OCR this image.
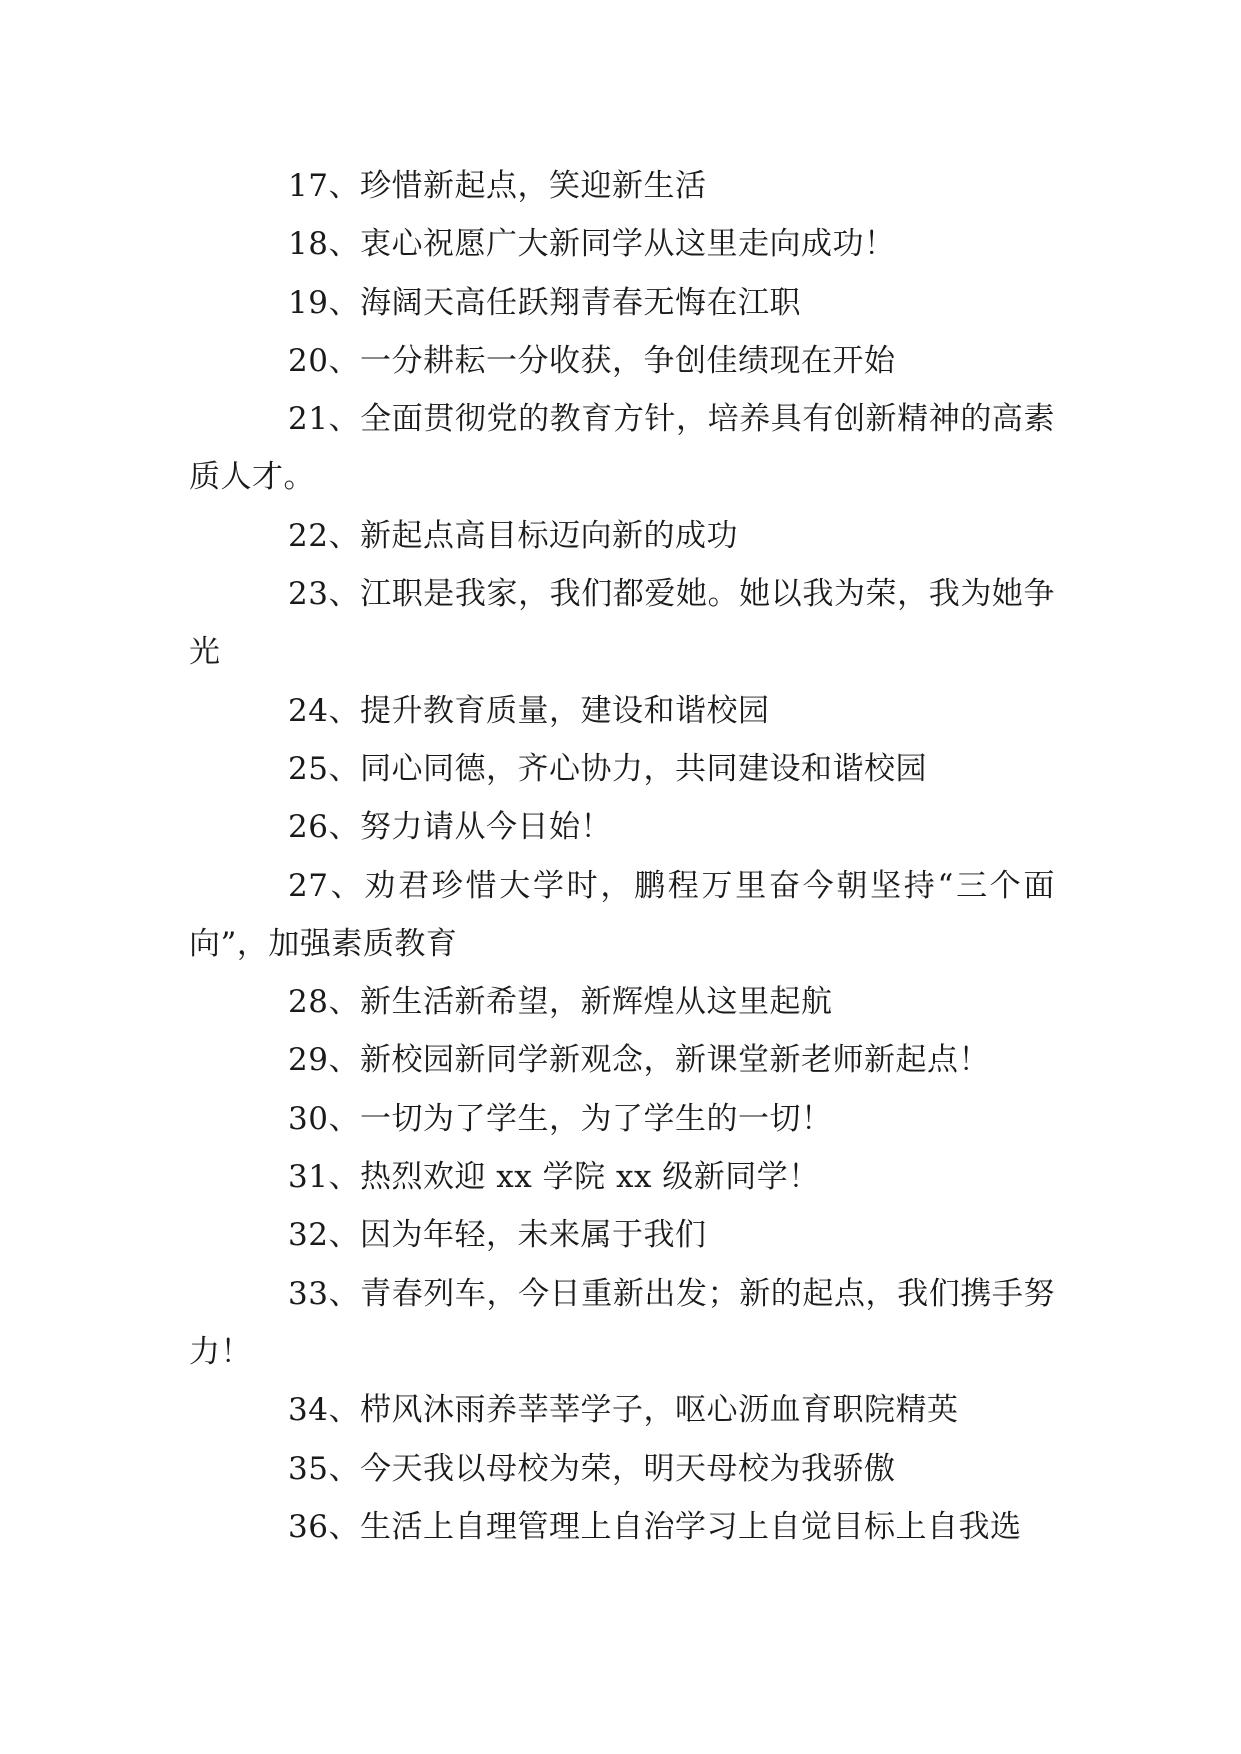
17、珍惜新起点，笑迎新生活

18、衷心祝愿广大新同学从这里走向成功！

19、海阔天高任跃翔青春无悔在江职

20、一分耕耘一分收获，争创佳绩现在开始

21、全面贯彻党的教育方针，培养具有创新精神的高素质人才。

22、新起点高目标迈向新的成功

23、江职是我家，我们都爱她。她以我为荣，我为她争光

24、提升教育质量，建设和谐校园

25、同心同德，齐心协力，共同建设和谐校园

26、努力请从今日始！

27、劝君珍惜大学时，鹏程万里奋今朝坚持“三个面向”，加强素质教育

28、新生活新希望，新辉煌从这里起航

29、新校园新同学新观念，新课堂新老师新起点！

30、一切为了学生，为了学生的一切！

31、热烈欢迎 xx 学院 xx 级新同学！

32、因为年轻，未来属于我们

33、青春列车，今日重新出发；新的起点，我们携手努力！

34、栉风沐雨养莘莘学子，呕心沥血育职院精英

35、今天我以母校为荣，明天母校为我骄傲

36、生活上自理管理上自治学习上自觉目标上自我选
